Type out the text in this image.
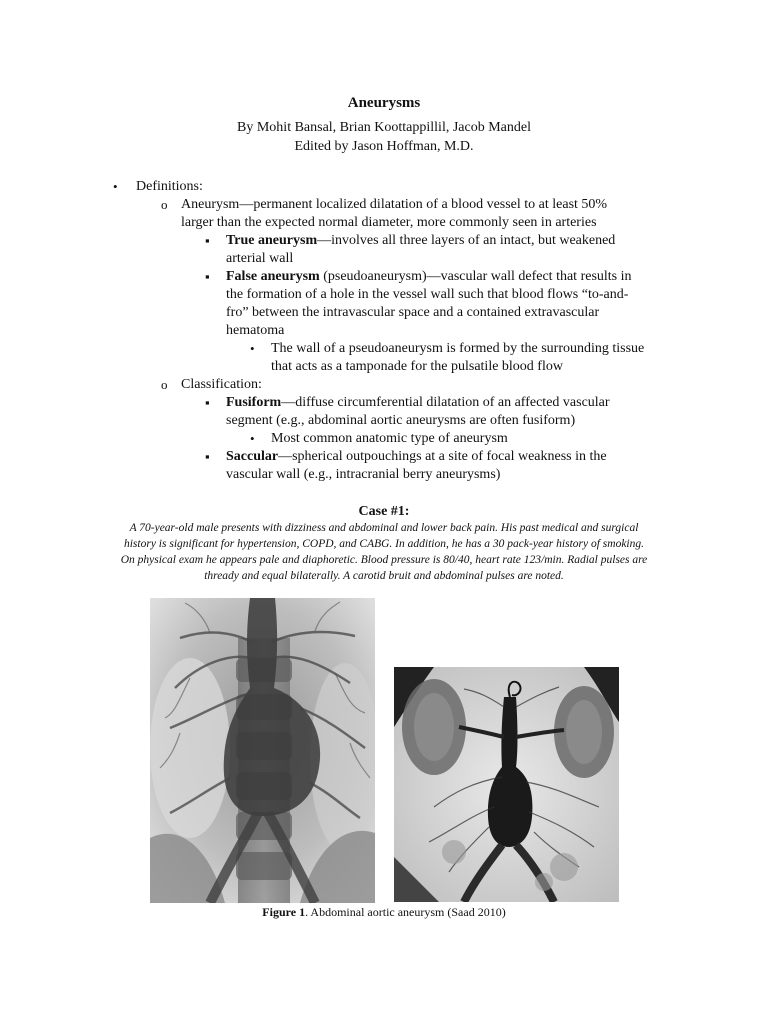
Aneurysms
By Mohit Bansal, Brian Koottappillil, Jacob Mandel
Edited by Jason Hoffman, M.D.
• Definitions:
o Aneurysm—permanent localized dilatation of a blood vessel to at least 50%
larger than the expected normal diameter, more commonly seen in arteries
▪ True aneurysm—involves all three layers of an intact, but weakened
arterial wall
▪ False aneurysm (pseudoaneurysm)—vascular wall defect that results in
the formation of a hole in the vessel wall such that blood flows “to-and-
fro” between the intravascular space and a contained extravascular
hematoma
• The wall of a pseudoaneurysm is formed by the surrounding tissue
that acts as a tamponade for the pulsatile blood flow
o Classification:
▪ Fusiform—diffuse circumferential dilatation of an affected vascular
segment (e.g., abdominal aortic aneurysms are often fusiform)
• Most common anatomic type of aneurysm
▪ Saccular—spherical outpouchings at a site of focal weakness in the
vascular wall (e.g., intracranial berry aneurysms)
Case #1:
A 70-year-old male presents with dizziness and abdominal and lower back pain. His past medical and surgical
history is significant for hypertension, COPD, and CABG. In addition, he has a 30 pack-year history of smoking.
On physical exam he appears pale and diaphoretic. Blood pressure is 80/40, heart rate 123/min. Radial pulses are
thready and equal bilaterally. A carotid bruit and abdominal pulses are noted.
Figure 1. Abdominal aortic aneurysm (Saad 2010)
